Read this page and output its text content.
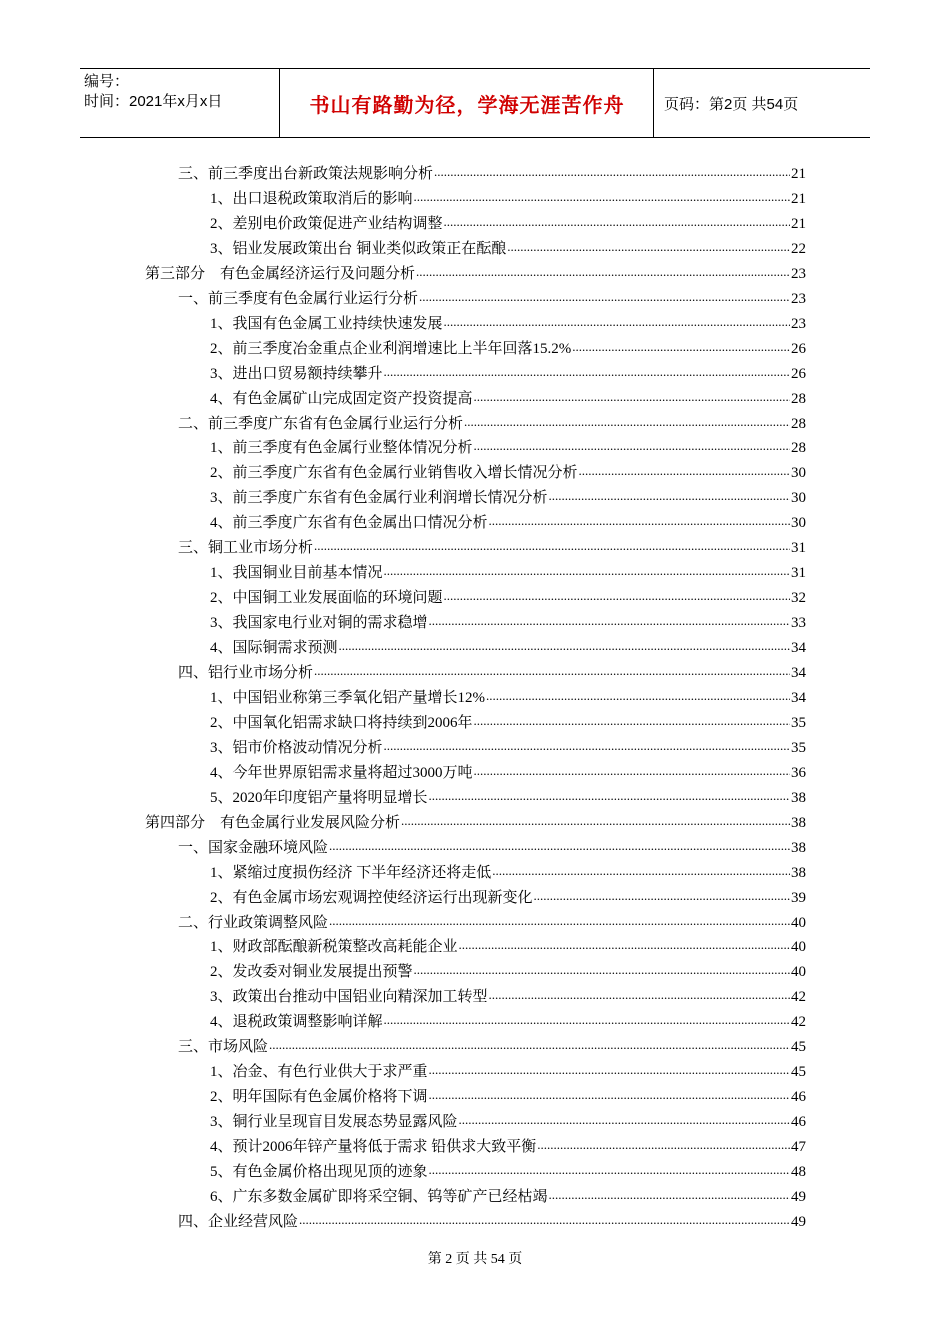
编号：
时间：2021年x月x日	书山有路勤为径，学海无涯苦作舟	页码：第2页 共54页
三、前三季度出台新政策法规影响分析 .....	21
1、出口退税政策取消后的影响 .....	21
2、差别电价政策促进产业结构调整 .....	21
3、铝业发展政策出台 铜业类似政策正在酝酿 .....	22
第三部分　有色金属经济运行及问题分析 .....	23
一、前三季度有色金属行业运行分析 .....	23
1、我国有色金属工业持续快速发展 .....	23
2、前三季度冶金重点企业利润增速比上半年回落15.2% .....	26
3、进出口贸易额持续攀升 .....	26
4、有色金属矿山完成固定资产投资提高 .....	28
二、前三季度广东省有色金属行业运行分析 .....	28
1、前三季度有色金属行业整体情况分析 .....	28
2、前三季度广东省有色金属行业销售收入增长情况分析 .....	30
3、前三季度广东省有色金属行业利润增长情况分析 .....	30
4、前三季度广东省有色金属出口情况分析 .....	30
三、铜工业市场分析 .....	31
1、我国铜业目前基本情况 .....	31
2、中国铜工业发展面临的环境问题 .....	32
3、我国家电行业对铜的需求稳增 .....	33
4、国际铜需求预测 .....	34
四、铝行业市场分析 .....	34
1、中国铝业称第三季氧化铝产量增长12% .....	34
2、中国氧化铝需求缺口将持续到2006年 .....	35
3、铝市价格波动情况分析 .....	35
4、今年世界原铝需求量将超过3000万吨 .....	36
5、2020年印度铝产量将明显增长 .....	38
第四部分　有色金属行业发展风险分析 .....	38
一、国家金融环境风险 .....	38
1、紧缩过度损伤经济 下半年经济还将走低 .....	38
2、有色金属市场宏观调控使经济运行出现新变化 .....	39
二、行业政策调整风险 .....	40
1、财政部酝酿新税策整改高耗能企业 .....	40
2、发改委对铜业发展提出预警 .....	40
3、政策出台推动中国铝业向精深加工转型 .....	42
4、退税政策调整影响详解 .....	42
三、市场风险 .....	45
1、冶金、有色行业供大于求严重 .....	45
2、明年国际有色金属价格将下调 .....	46
3、铜行业呈现盲目发展态势显露风险 .....	46
4、预计2006年锌产量将低于需求 铅供求大致平衡 .....	47
5、有色金属价格出现见顶的迹象 .....	48
6、广东多数金属矿即将采空铜、钨等矿产已经枯竭 .....	49
四、企业经营风险 .....	49
第 2 页 共 54 页
